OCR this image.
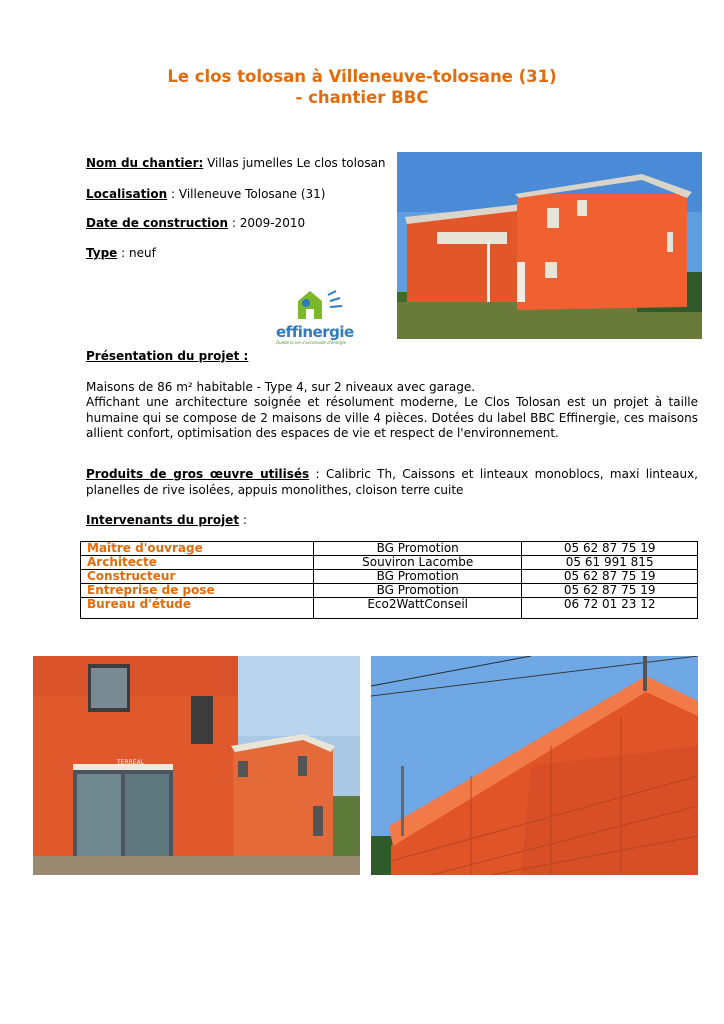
Le clos tolosan à Villeneuve-tolosane (31)
- chantier BBC
Nom du chantier: Villas jumelles Le clos tolosan
Localisation : Villeneuve Tolosane (31)
Date de construction : 2009-2010
Type : neuf
effinergie
Quelle la vie s'accomode d'énergie
Présentation du projet :
Maisons de 86 m² habitable - Type 4, sur 2 niveaux avec garage.
Affichant une architecture soignée et résolument moderne, Le Clos Tolosan est un projet à taille humaine qui se compose de 2 maisons de ville 4 pièces. Dotées du label BBC Effinergie, ces maisons allient confort, optimisation des espaces de vie et respect de l'environnement.
Produits de gros œuvre utilisés : Calibric Th, Caissons et linteaux monoblocs, maxi linteaux, planelles de rive isolées, appuis monolithes, cloison terre cuite
Intervenants du projet :
Maître d'ouvrage	BG Promotion	05 62 87 75 19
Architecte	Souviron Lacombe	05 61 991 815
Constructeur	BG Promotion	05 62 87 75 19
Entreprise de pose	BG Promotion	05 62 87 75 19
Bureau d'étude	Eco2WattConseil	06 72 01 23 12
TERREAL
